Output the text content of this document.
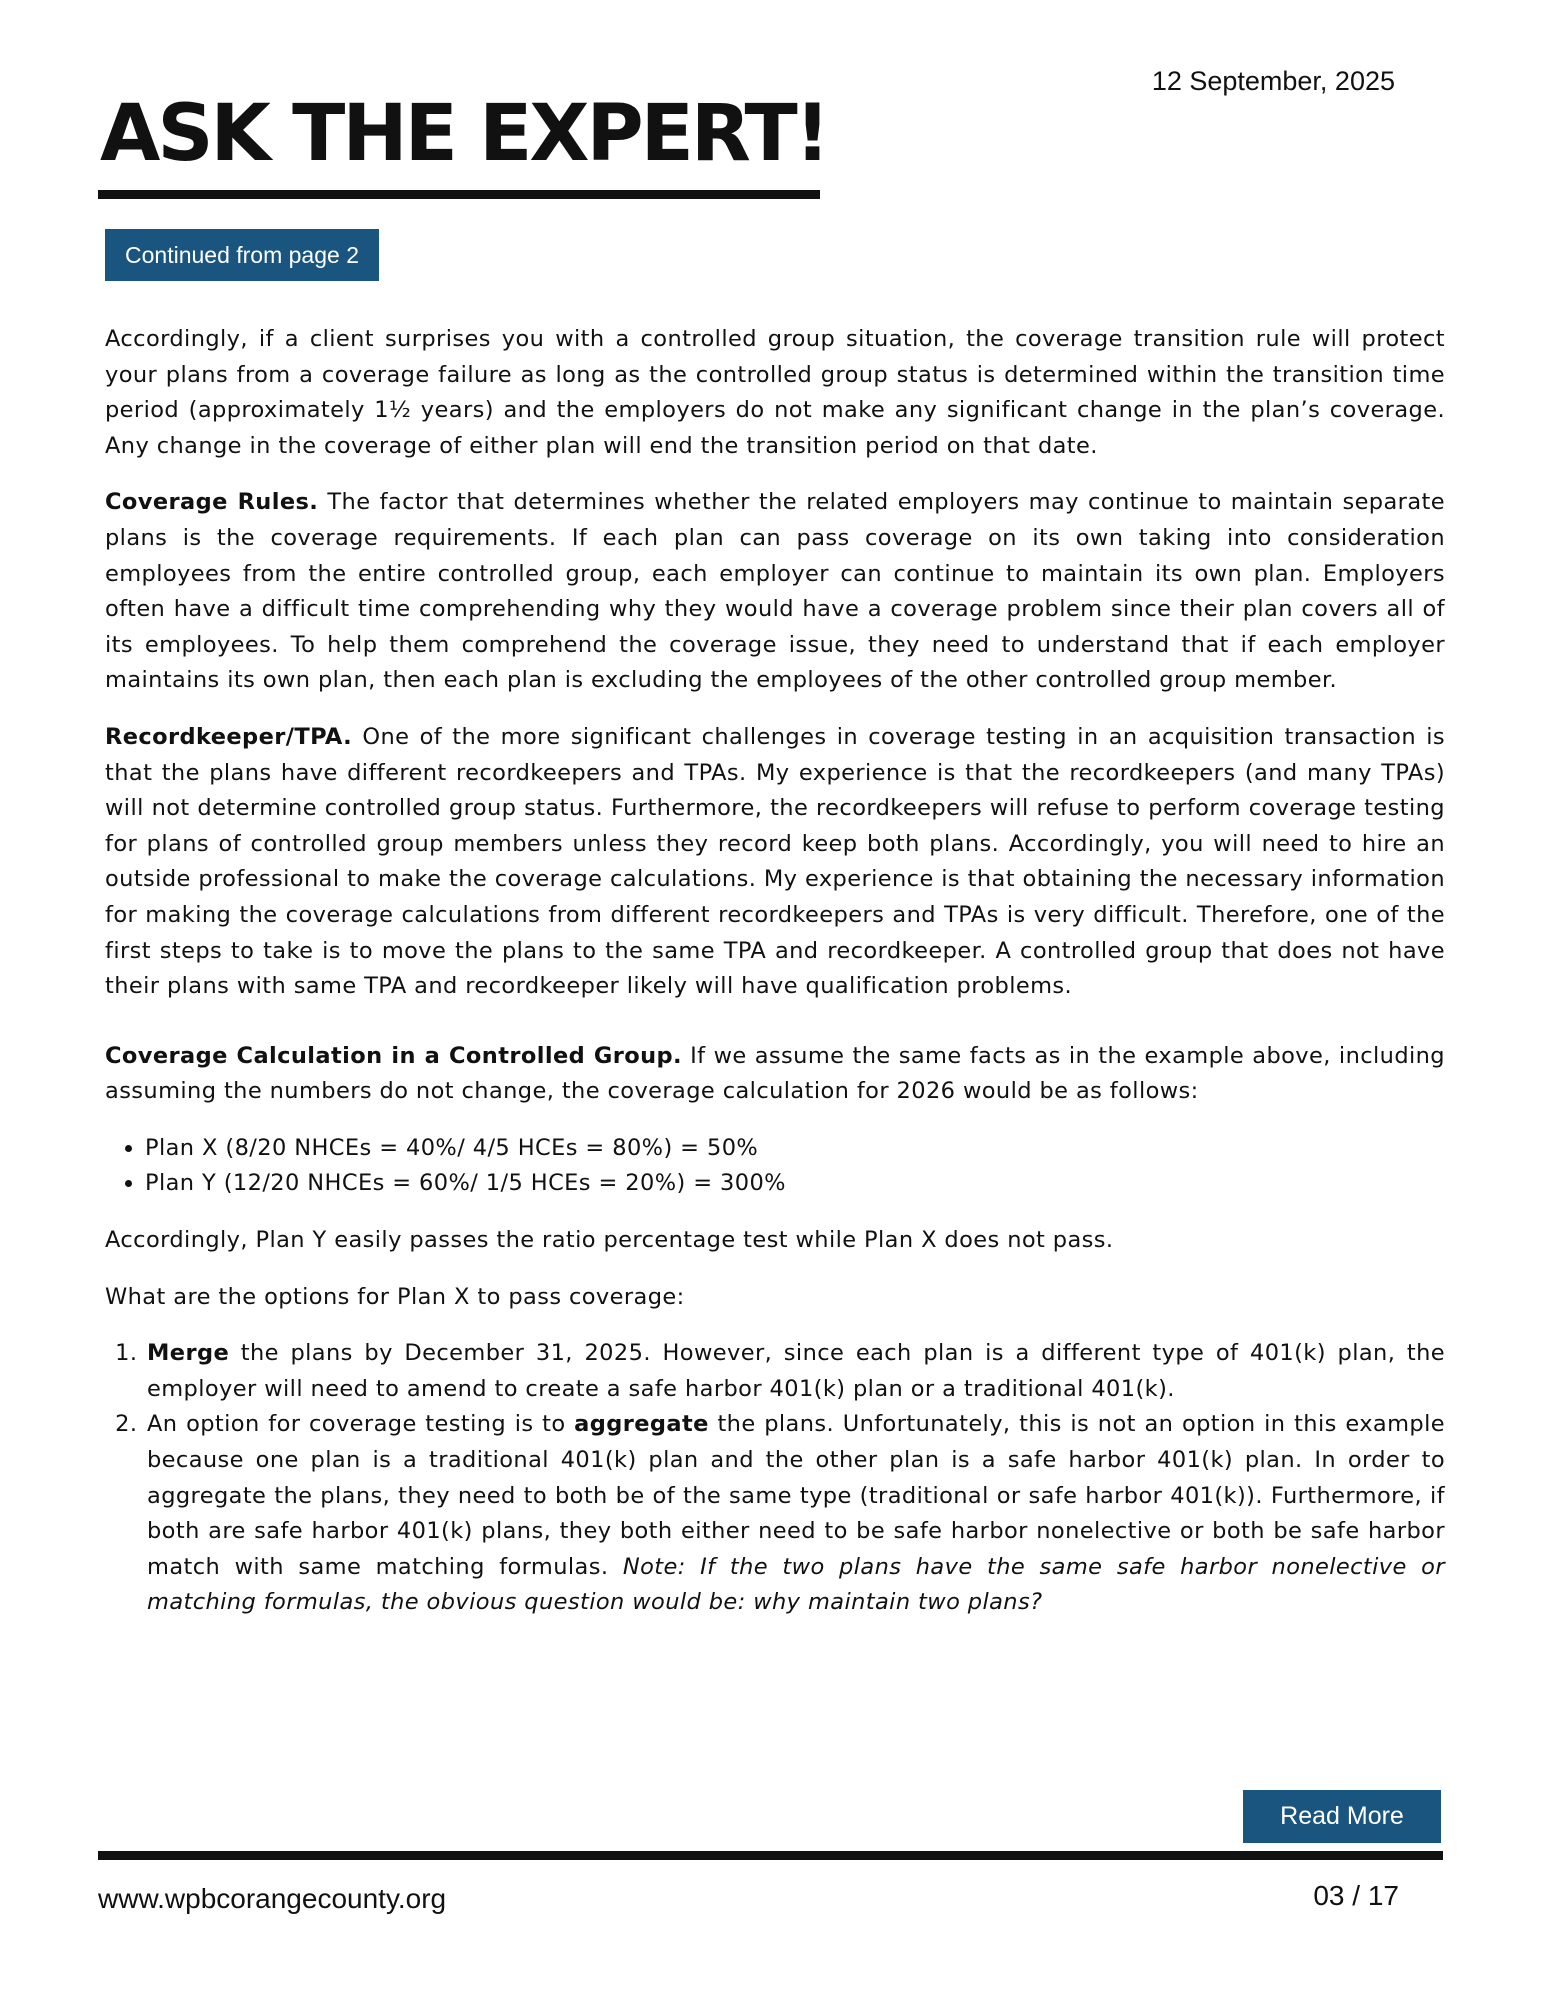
12 September, 2025
ASK THE EXPERT!
Continued from page 2

Accordingly, if a client surprises you with a controlled group situation, the coverage transition rule will protect your plans from a coverage failure as long as the controlled group status is determined within the transition time period (approximately 1½ years) and the employers do not make any significant change in the plan’s coverage. Any change in the coverage of either plan will end the transition period on that date.

Coverage Rules. The factor that determines whether the related employers may continue to maintain separate plans is the coverage requirements. If each plan can pass coverage on its own taking into consideration employees from the entire controlled group, each employer can continue to maintain its own plan. Employers often have a difficult time comprehending why they would have a coverage problem since their plan covers all of its employees. To help them comprehend the coverage issue, they need to understand that if each employer maintains its own plan, then each plan is excluding the employees of the other controlled group member.

Recordkeeper/TPA. One of the more significant challenges in coverage testing in an acquisition transaction is that the plans have different recordkeepers and TPAs. My experience is that the recordkeepers (and many TPAs) will not determine controlled group status. Furthermore, the recordkeepers will refuse to perform coverage testing for plans of controlled group members unless they record keep both plans. Accordingly, you will need to hire an outside professional to make the coverage calculations. My experience is that obtaining the necessary information for making the coverage calculations from different recordkeepers and TPAs is very difficult. Therefore, one of the first steps to take is to move the plans to the same TPA and recordkeeper. A controlled group that does not have their plans with same TPA and recordkeeper likely will have qualification problems.

Coverage Calculation in a Controlled Group. If we assume the same facts as in the example above, including assuming the numbers do not change, the coverage calculation for 2026 would be as follows:

• Plan X (8/20 NHCEs = 40%/ 4/5 HCEs = 80%) = 50%
• Plan Y (12/20 NHCEs = 60%/ 1/5 HCEs = 20%) = 300%

Accordingly, Plan Y easily passes the ratio percentage test while Plan X does not pass.

What are the options for Plan X to pass coverage:

1. Merge the plans by December 31, 2025. However, since each plan is a different type of 401(k) plan, the employer will need to amend to create a safe harbor 401(k) plan or a traditional 401(k).
2. An option for coverage testing is to aggregate the plans. Unfortunately, this is not an option in this example because one plan is a traditional 401(k) plan and the other plan is a safe harbor 401(k) plan. In order to aggregate the plans, they need to both be of the same type (traditional or safe harbor 401(k)). Furthermore, if both are safe harbor 401(k) plans, they both either need to be safe harbor nonelective or both be safe harbor match with same matching formulas. Note: If the two plans have the same safe harbor nonelective or matching formulas, the obvious question would be: why maintain two plans?
Read More
www.wpbcorangecounty.org	03 / 17
